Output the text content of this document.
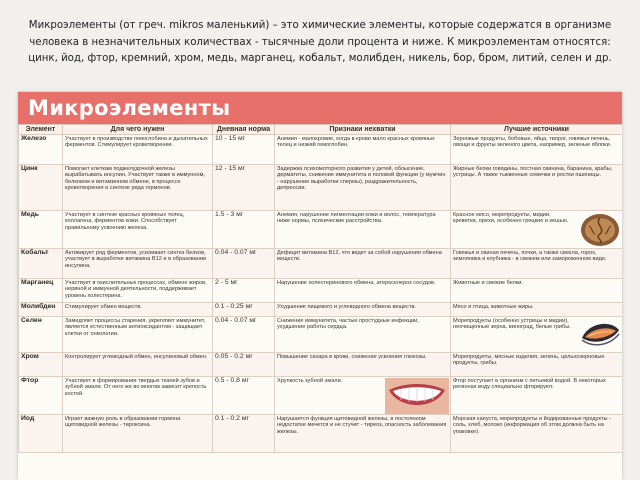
Микроэлементы (от греч. mikros маленький) – это химические элементы, которые содержатся в организме
человека в незначительных количествах - тысячные доли процента и ниже. К микроэлементам относятся:
цинк, йод, фтор, кремний, хром, медь, марганец, кобальт, молибден, никель, бор, бром, литий, селен и др.
Микроэлементы
Элемент	Для чего нужен	Дневная норма	Признаки нехватки	Лучшие источники
Железо	Участвует в производстве гемоглобина и дыхательных ферментов. Стимулирует кроветворение.	10 - 15 мг	Анемия - малокровие, когда в крови мало красных кровяных телец и низкий гемоглобин.	Зерновые продукты, бобовые, яйца, творог, говяжья печень, овощи и фрукты зеленого цвета, например, зеленые яблоки.
Цинк	Помогает клеткам поджелудочной железы вырабатывать инсулин. Участвует также в иммунном, белковом и витаминном обмене, в процессе кроветворения и синтезе ряда гормонов.	12 - 15 мг	Задержка психомоторного развития у детей, облысение, дерматиты, снижение иммунитета и половой функции (у мужчин - нарушение выработки спермы), раздражительность, депрессии.	Жирные белки говядины, постная свинина, баранина, крабы, устрицы. А также тыквенные семечки и ростки пшеницы.
Медь	Участвует в синтезе красных кровяных телец, коллагена, ферментов кожи. Способствует правильному усвоению железа.	1.5 - 3 мг	Анемия, нарушение пигментации кожи и волос, температура ниже нормы, психические расстройства.	Красное мясо, морепродукты, мидии, креветки, орехи, особенно грецкие и кешью.

Кобальт	Активирует ряд ферментов, усиливает синтез белков, участвует в выработке витамина B12 и в образовании инсулина.	0.04 - 0.07 мг	Дефицит витамина B12, что ведет за собой нарушения обмена веществ.	Говяжья и свиная печень, почки, а также свекла, горох, земляника и клубника - в свежем или замороженном виде.
Марганец	Участвует в окислительных процессах, обмене жиров, нервной и иммунной деятельности, поддерживает уровень холестерина.	2 - 5 мг	Нарушение холестеринового обмена, атеросклероз сосудов.	Животные и свежие белки.
Молибден	Стимулирует обмен веществ.	0.1 - 0.25 мг	Ухудшение пищевого и углеводного обмена веществ.	Мясо и птица, животные жиры.
Селен	Замедляет процессы старения, укрепляет иммунитет, является естественным антиоксидантом - защищает клетки от онкологии.	0.04 - 0.07 мг	Снижение иммунитета, частые простудные инфекции, ухудшение работы сердца.	Морепродукты (особенно устрицы и мидии), неочищенные зерна, виноград, белые грибы.

Хром	Контролирует углеводный обмен, инсулиновый обмен.	0.05 - 0.2 мг	Повышение сахара в крови, снижение усвоения глюкозы.	Морепродукты, мясные изделия, зелень, цельнозерновые продукты, грибы.
Фтор	Участвует в формировании твердых тканей зубов и зубной эмали. От него же во многом зависит крепость костей.	0.5 - 0.8 мг	Хрупкость зубной эмали.	Фтор поступает в организм с питьевой водой. В некоторых регионах воду специально фторируют.
Йод	Играет важную роль в образовании гормона щитовидной железы - тироксина.	0.1 - 0.2 мг	Нарушается функция щитовидной железы, в постоянном недостатке мечется и не стучит - тиреоз, опасность заболевания железы.	Морская капуста, морепродукты и йодированные продукты - соль, хлеб, молоко (информация об этом должна быть на упаковке).
